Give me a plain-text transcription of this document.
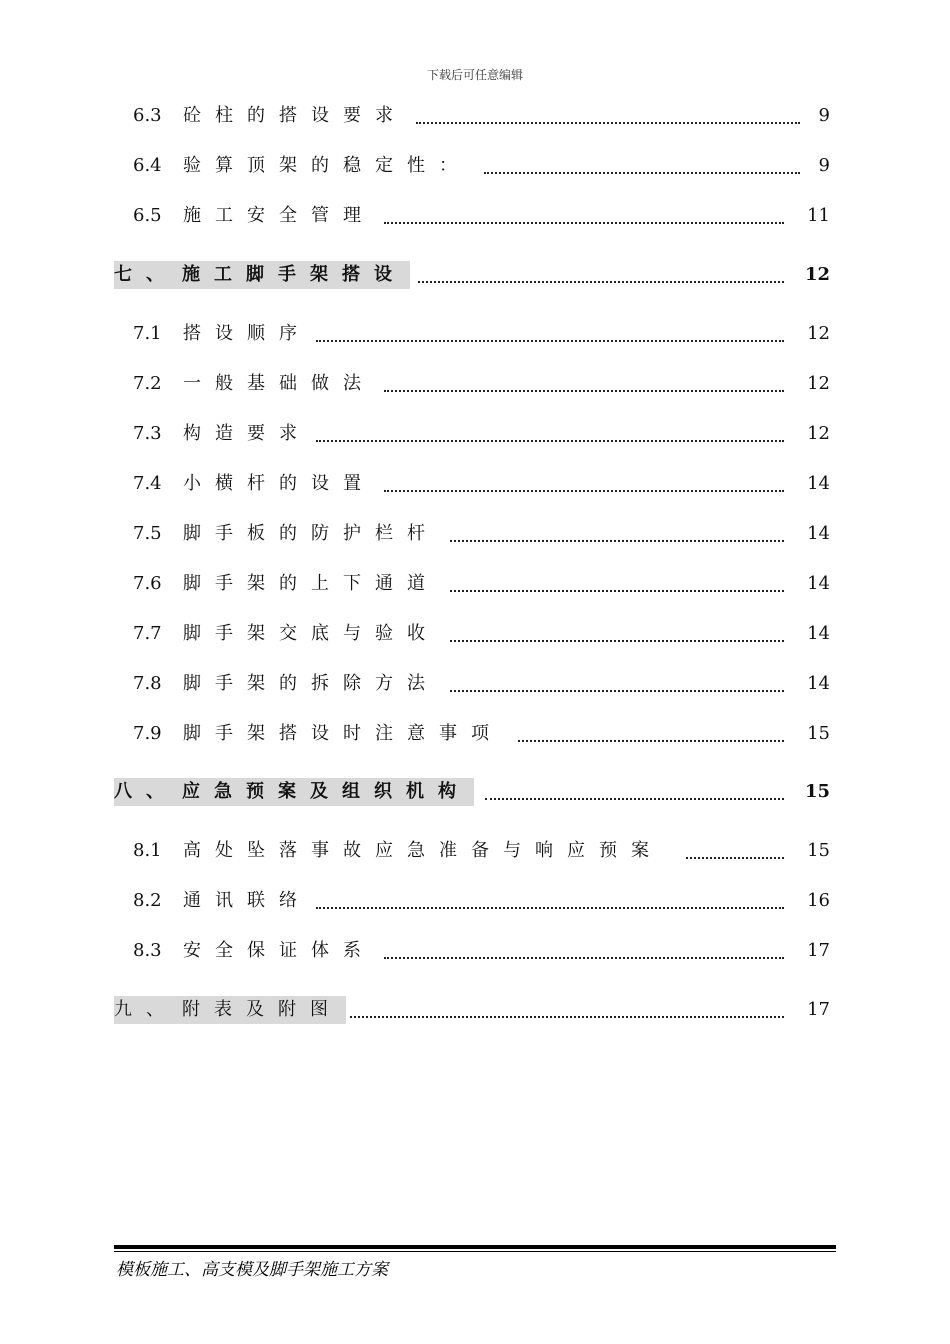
下载后可任意编辑
6.3	砼柱的搭设要求	9
6.4	验算顶架的稳定性：	9
6.5	施工安全管理	11
七、 施工脚手架搭设	12
7.1	搭设顺序	12
7.2	一般基础做法	12
7.3	构造要求	12
7.4	小横杆的设置	14
7.5	脚手板的防护栏杆	14
7.6	脚手架的上下通道	14
7.7	脚手架交底与验收	14
7.8	脚手架的拆除方法	14
7.9	脚手架搭设时注意事项	15
八、 应急预案及组织机构	15
8.1	高处坠落事故应急准备与响应预案	15
8.2	通讯联络	16
8.3	安全保证体系	17
九、 附表及附图	17
模板施工、高支模及脚手架施工方案
